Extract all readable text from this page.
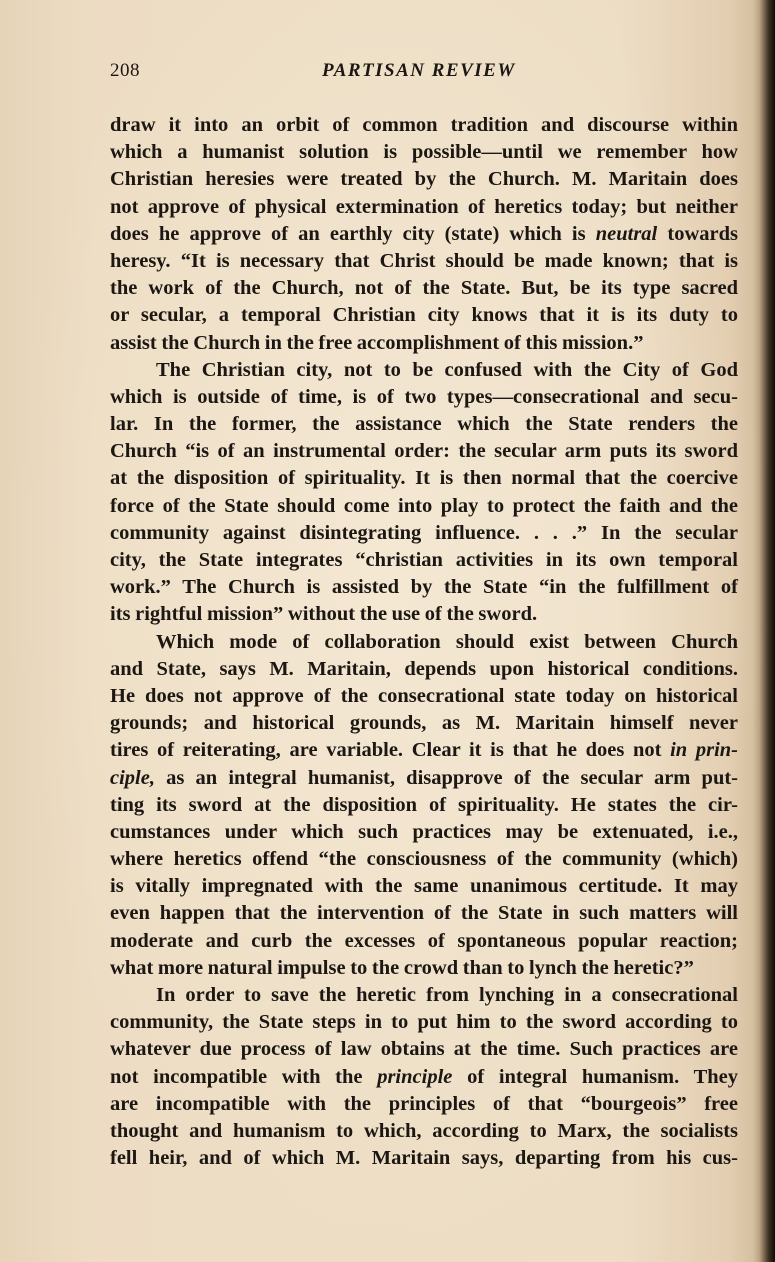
208	PARTISAN REVIEW
draw it into an orbit of common tradition and discourse within
which a humanist solution is possible—until we remember how
Christian heresies were treated by the Church. M. Maritain does
not approve of physical extermination of heretics today; but neither
does he approve of an earthly city (state) which is neutral towards
heresy. “It is necessary that Christ should be made known; that is
the work of the Church, not of the State. But, be its type sacred
or secular, a temporal Christian city knows that it is its duty to
assist the Church in the free accomplishment of this mission.”
The Christian city, not to be confused with the City of God
which is outside of time, is of two types—consecrational and secu-
lar. In the former, the assistance which the State renders the
Church “is of an instrumental order: the secular arm puts its sword
at the disposition of spirituality. It is then normal that the coercive
force of the State should come into play to protect the faith and the
community against disintegrating influence. . . .” In the secular
city, the State integrates “christian activities in its own temporal
work.” The Church is assisted by the State “in the fulfillment of
its rightful mission” without the use of the sword.
Which mode of collaboration should exist between Church
and State, says M. Maritain, depends upon historical conditions.
He does not approve of the consecrational state today on historical
grounds; and historical grounds, as M. Maritain himself never
tires of reiterating, are variable. Clear it is that he does not in prin-
ciple, as an integral humanist, disapprove of the secular arm put-
ting its sword at the disposition of spirituality. He states the cir-
cumstances under which such practices may be extenuated, i.e.,
where heretics offend “the consciousness of the community (which)
is vitally impregnated with the same unanimous certitude. It may
even happen that the intervention of the State in such matters will
moderate and curb the excesses of spontaneous popular reaction;
what more natural impulse to the crowd than to lynch the heretic?”
In order to save the heretic from lynching in a consecrational
community, the State steps in to put him to the sword according to
whatever due process of law obtains at the time. Such practices are
not incompatible with the principle of integral humanism. They
are incompatible with the principles of that “bourgeois” free
thought and humanism to which, according to Marx, the socialists
fell heir, and of which M. Maritain says, departing from his cus-
